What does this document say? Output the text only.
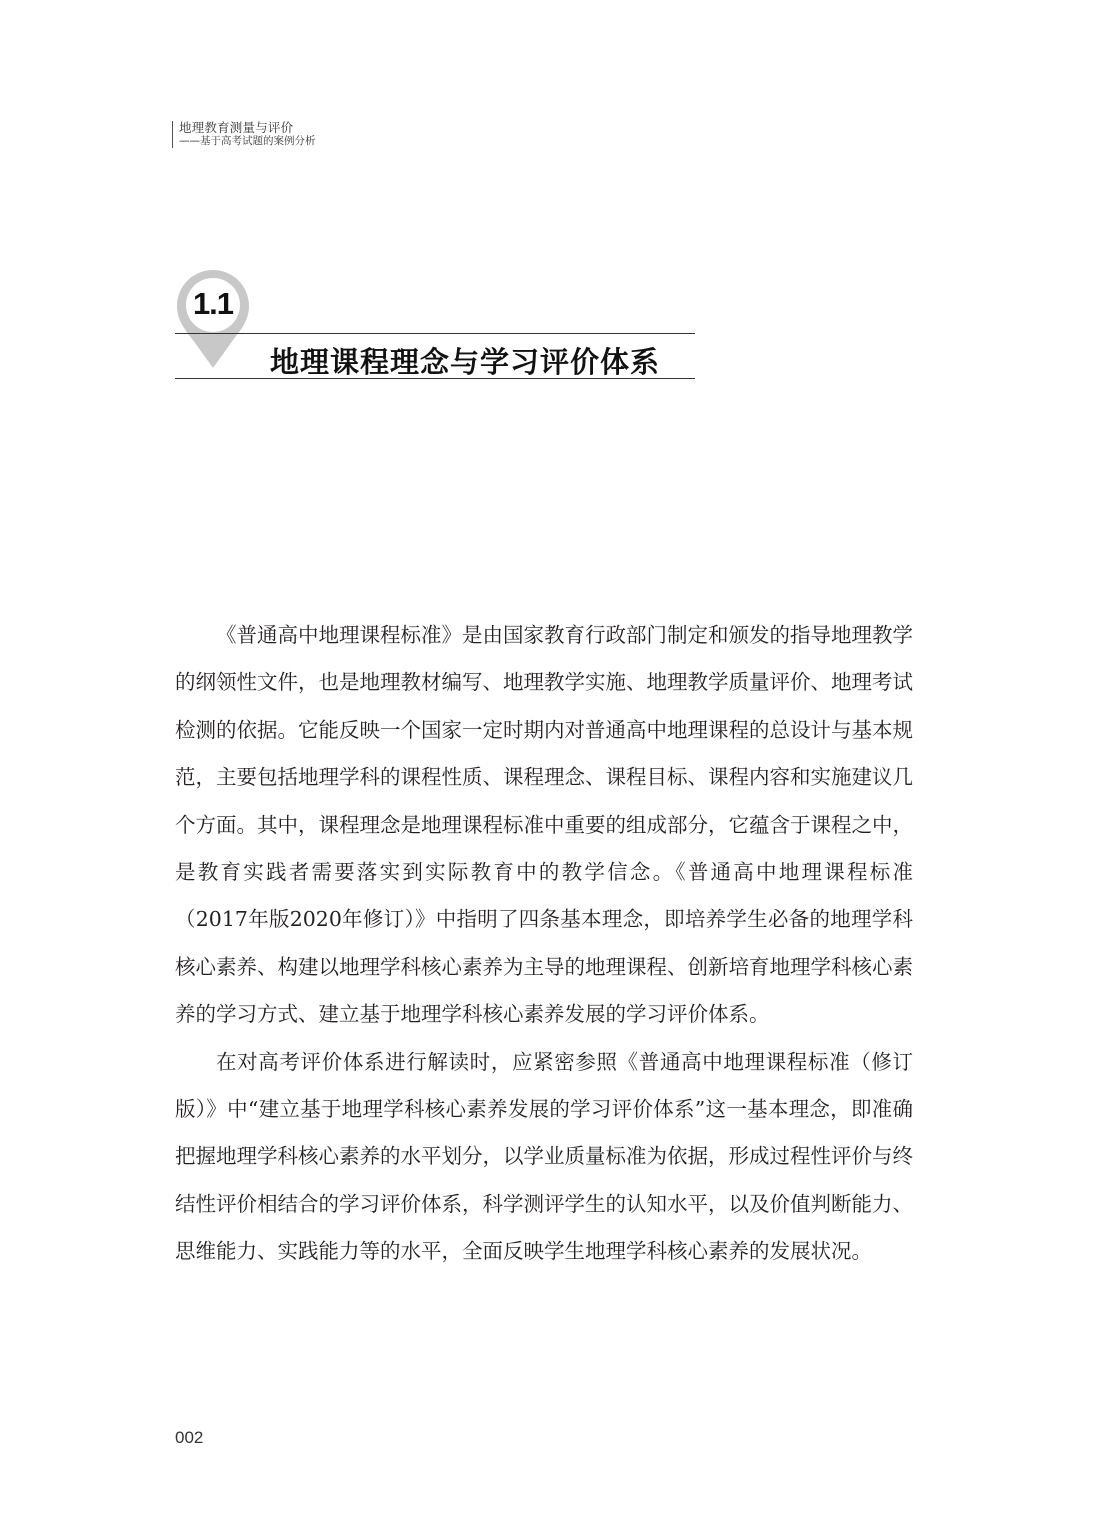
地理教育测量与评价
——基于高考试题的案例分析
1.1
地理课程理念与学习评价体系

《普通高中地理课程标准》是由国家教育行政部门制定和颁发的指导地理教学的纲领性文件，也是地理教材编写、地理教学实施、地理教学质量评价、地理考试检测的依据。它能反映一个国家一定时期内对普通高中地理课程的总设计与基本规范，主要包括地理学科的课程性质、课程理念、课程目标、课程内容和实施建议几个方面。其中，课程理念是地理课程标准中重要的组成部分，它蕴含于课程之中，是教育实践者需要落实到实际教育中的教学信念。《普通高中地理课程标准（2017年版2020年修订）》中指明了四条基本理念，即培养学生必备的地理学科核心素养、构建以地理学科核心素养为主导的地理课程、创新培育地理学科核心素养的学习方式、建立基于地理学科核心素养发展的学习评价体系。

在对高考评价体系进行解读时，应紧密参照《普通高中地理课程标准（修订版）》中“建立基于地理学科核心素养发展的学习评价体系”这一基本理念，即准确把握地理学科核心素养的水平划分，以学业质量标准为依据，形成过程性评价与终结性评价相结合的学习评价体系，科学测评学生的认知水平，以及价值判断能力、思维能力、实践能力等的水平，全面反映学生地理学科核心素养的发展状况。

002
